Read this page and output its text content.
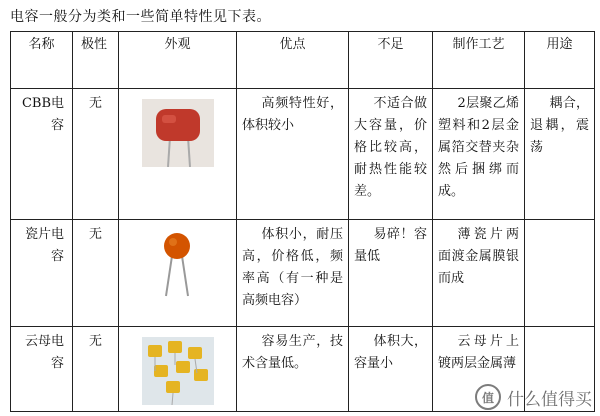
电容一般分为类和一些简单特性见下表。
名称	极性	外观	优点	不足	制作工艺	用途
CBB电容	无		高频特性好，体积较小	不适合做大容量，价格比较高，耐热性能较差。	2层聚乙烯塑料和2层金属箔交替夹杂然后捆绑而成。	耦合，退耦，震荡
瓷片电容	无		体积小，耐压高，价格低，频率高（有一种是高频电容）	易碎！容量低	薄瓷片两面渡金属膜银而成	
云母电容	无		容易生产，技术含量低。	体积大，容量小	云母片上镀两层金属薄	
值 什么值得买
